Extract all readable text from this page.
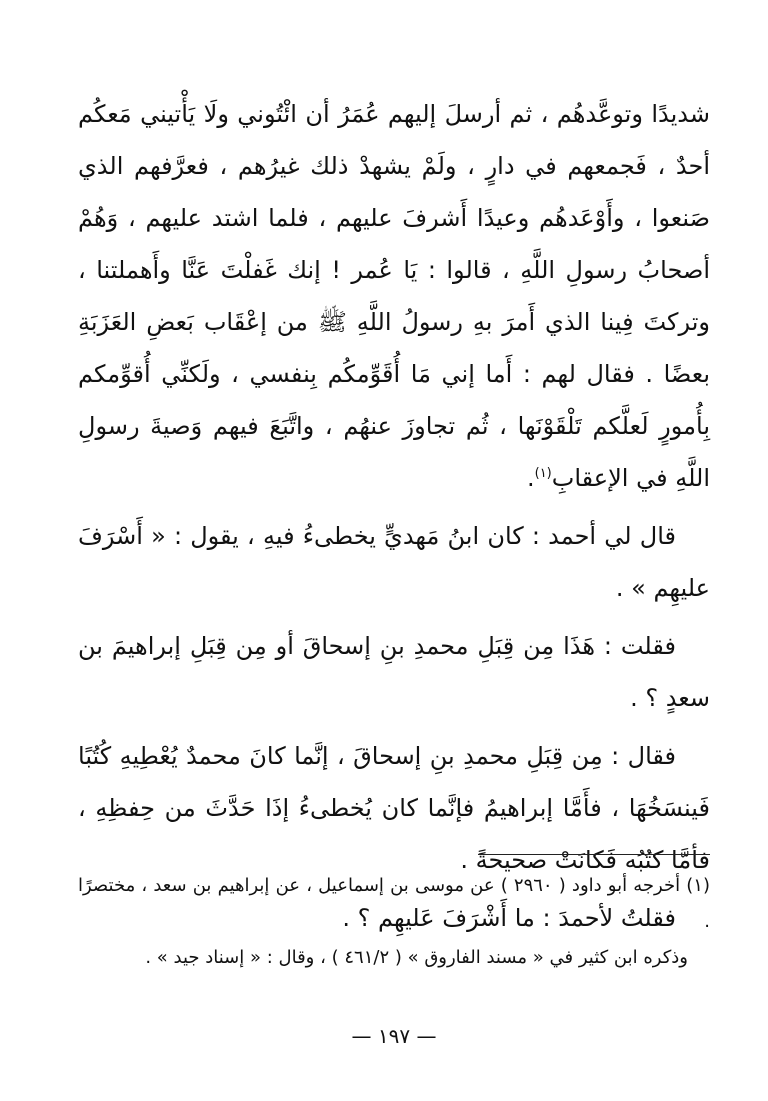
شديدًا وتوعَّدهُم ، ثم أرسلَ إليهم عُمَرُ أن ائْتُوني ولَا يَأْتيني مَعكُم أحدٌ ، فَجمعهم في دارٍ ، ولَمْ يشهدْ ذلك غيرُهم ، فعرَّفهم الذي صَنعوا ، وأَوْعَدهُم وعيدًا أَشرفَ عليهم ، فلما اشتد عليهم ، وَهُمْ أصحابُ رسولِ اللَّهِ ، قالوا : يَا عُمر ! إنك غَفلْتَ عَنَّا وأَهملتنا ، وتركتَ فِينا الذي أَمرَ بهِ رسولُ اللَّهِ ﷺ من إعْقَاب بَعضِ العَزَبَةِ بعضًا . فقال لهم : أَما إني مَا أُقَوِّمكُم بِنفسي ، ولَكنِّي أُقوِّمكم بِأُمورٍ لَعلَّكم تَلْقَوْنَها ، ثُم تجاوزَ عنهُم ، واتَّبَعَ فيهم وَصيةَ رسولِ اللَّهِ في الإعقابِ$^{(١)}$.

قال لي أحمد : كان ابنُ مَهديٍّ يخطىءُ فيهِ ، يقول : « أَسْرَفَ عليهِم » .

فقلت : هَذَا مِن قِبَلِ محمدِ بنِ إسحاقَ أو مِن قِبَلِ إبراهيمَ بن سعدٍ ؟ .

فقال : مِن قِبَلِ محمدِ بنِ إسحاقَ ، إنَّما كانَ محمدٌ يُعْطِيهِ كُتُبًا فَينسَخُهَا ، فأَمَّا إبراهيمُ فإنَّما كان يُخطىءُ إذَا حَدَّثَ من حِفظِهِ ، فأمَّا كتُبُه فَكانَتْ صحيحةً .

فقلتُ لأحمدَ : ما أَشْرَفَ عَليهِم ؟ .

(١) أخرجه أبو داود ( ٢٩٦٠ ) عن موسى بن إسماعيل ، عن إبراهيم بن سعد ، مختصرًا .

وذكره ابن كثير في « مسند الفاروق » ( ٤٦١/٢ ) ، وقال : « إسناد جيد » .

— ١٩٧ —
